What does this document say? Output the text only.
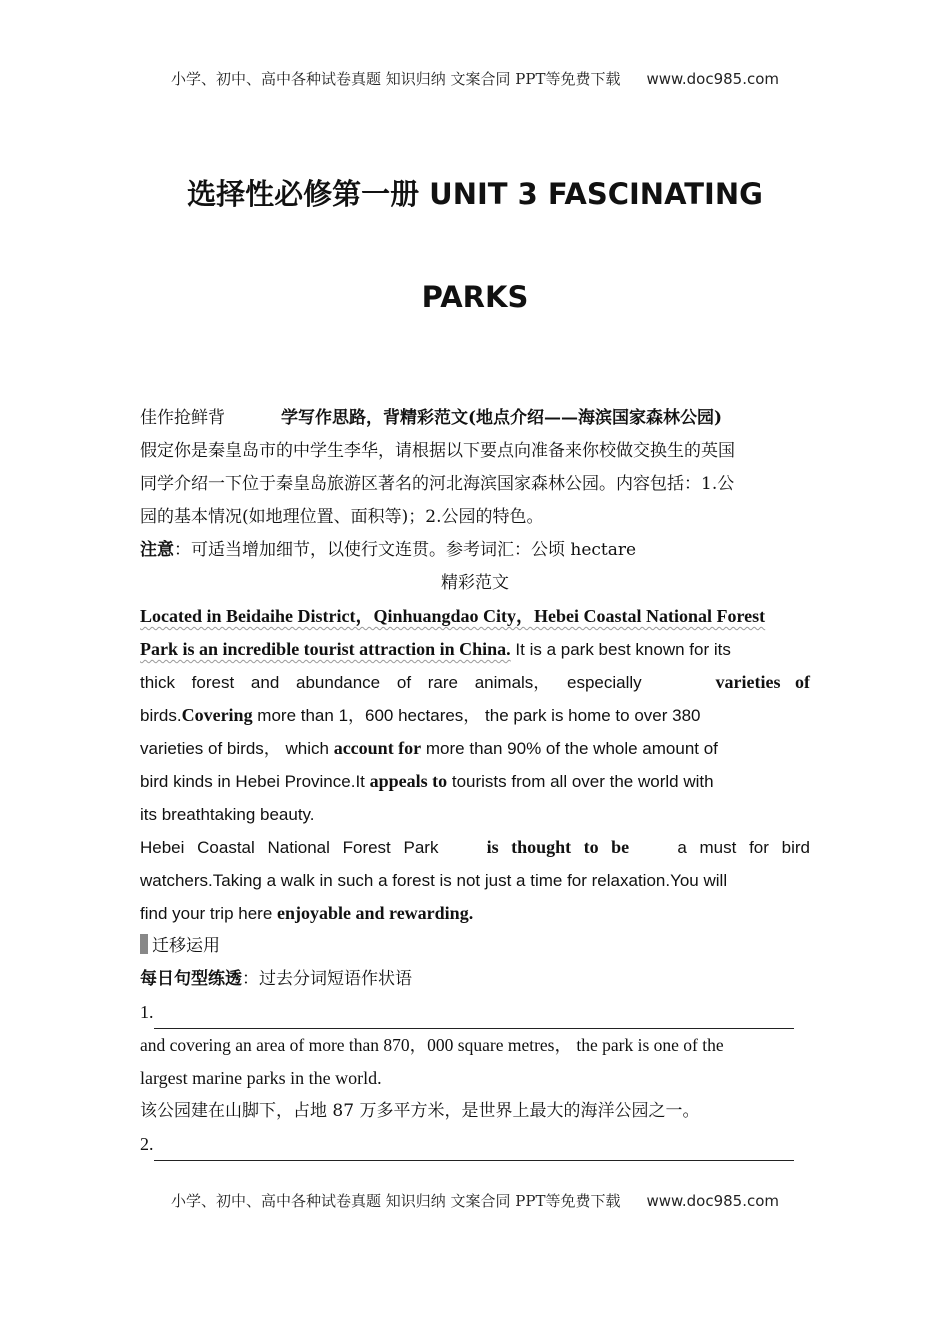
小学、初中、高中各种试卷真题 知识归纳 文案合同 PPT等免费下载 www.doc985.com
选择性必修第一册 UNIT 3 FASCINATING
PARKS
佳作抢鲜背	学写作思路，背精彩范文(地点介绍——海滨国家森林公园)
假定你是秦皇岛市的中学生李华，请根据以下要点向准备来你校做交换生的英国
同学介绍一下位于秦皇岛旅游区著名的河北海滨国家森林公园。内容包括：1.公
园的基本情况(如地理位置、面积等)；2.公园的特色。
注意：可适当增加细节，以使行文连贯。参考词汇：公顷 hectare
精彩范文
Located in Beidaihe District，Qinhuangdao City，Hebei Coastal National Forest
Park is an incredible tourist attraction in China. It is a park best known for its
thick forest and abundance of rare animals， especially	varieties of
birds.Covering more than 1，600 hectares， the park is home to over 380
varieties of birds， which account for more than 90% of the whole amount of
bird kinds in Hebei Province.It appeals to tourists from all over the world with
its breathtaking beauty.
Hebei Coastal National Forest Park	is thought to be	a must for bird
watchers.Taking a walk in such a forest is not just a time for relaxation.You will
find your trip here enjoyable and rewarding.
迁移运用
每日句型练透：过去分词短语作状语
1.
and covering an area of more than 870，000 square metres， the park is one of the
largest marine parks in the world.
该公园建在山脚下，占地 87 万多平方米，是世界上最大的海洋公园之一。
2.
小学、初中、高中各种试卷真题 知识归纳 文案合同 PPT等免费下载 www.doc985.com
